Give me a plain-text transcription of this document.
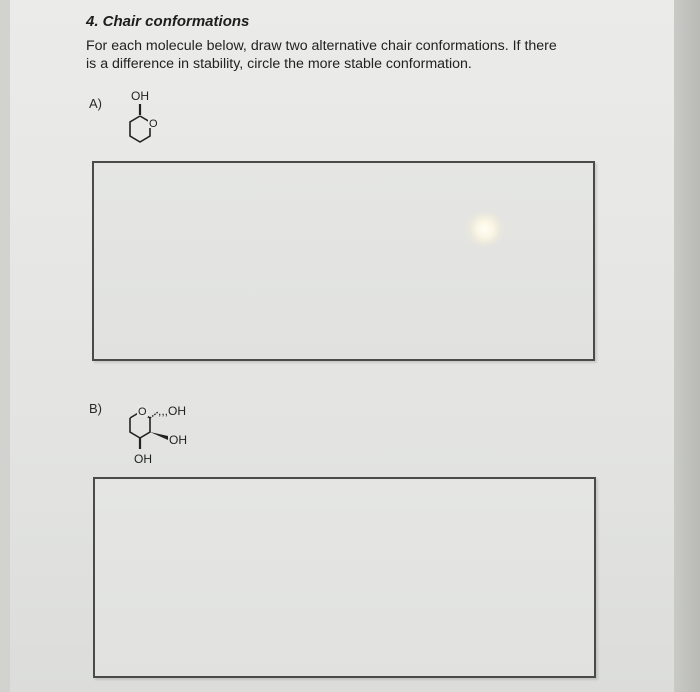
4. Chair conformations
For each molecule below, draw two alternative chair conformations. If there
is a difference in stability, circle the more stable conformation.
A) OH
O
B)	O ,,,OH
OH
OH
